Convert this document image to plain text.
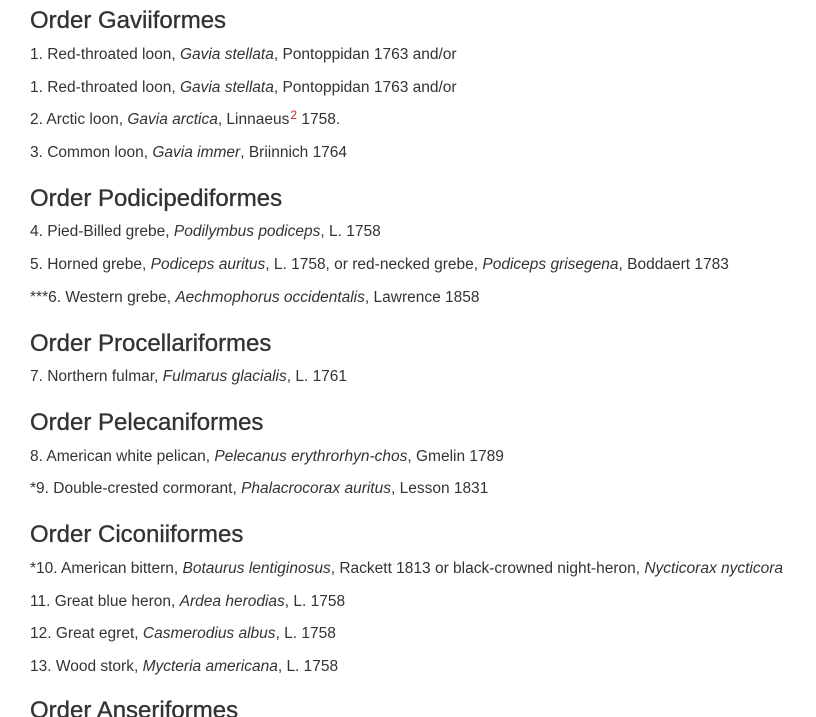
Order Gaviiformes

1. Red-throated loon, Gavia stellata, Pontoppidan 1763 and/or

1. Red-throated loon, Gavia stellata, Pontoppidan 1763 and/or

2. Arctic loon, Gavia arctica, Linnaeus$^2$ 1758.

3. Common loon, Gavia immer, Briinnich 1764

Order Podicipediformes

4. Pied-Billed grebe, Podilymbus podiceps, L. 1758

5. Horned grebe, Podiceps auritus, L. 1758, or red-necked grebe, Podiceps grisegena, Boddaert 1783

***6. Western grebe, Aechmophorus occidentalis, Lawrence 1858

Order Procellariformes

7. Northern fulmar, Fulmarus glacialis, L. 1761

Order Pelecaniformes

8. American white pelican, Pelecanus erythrorhyn-chos, Gmelin 1789

*9. Double-crested cormorant, Phalacrocorax auritus, Lesson 1831

Order Ciconiiformes

*10. American bittern, Botaurus lentiginosus, Rackett 1813 or black-crowned night-heron, Nycticorax nycticora

11. Great blue heron, Ardea herodias, L. 1758

12. Great egret, Casmerodius albus, L. 1758

13. Wood stork, Mycteria americana, L. 1758

Order Anseriformes
